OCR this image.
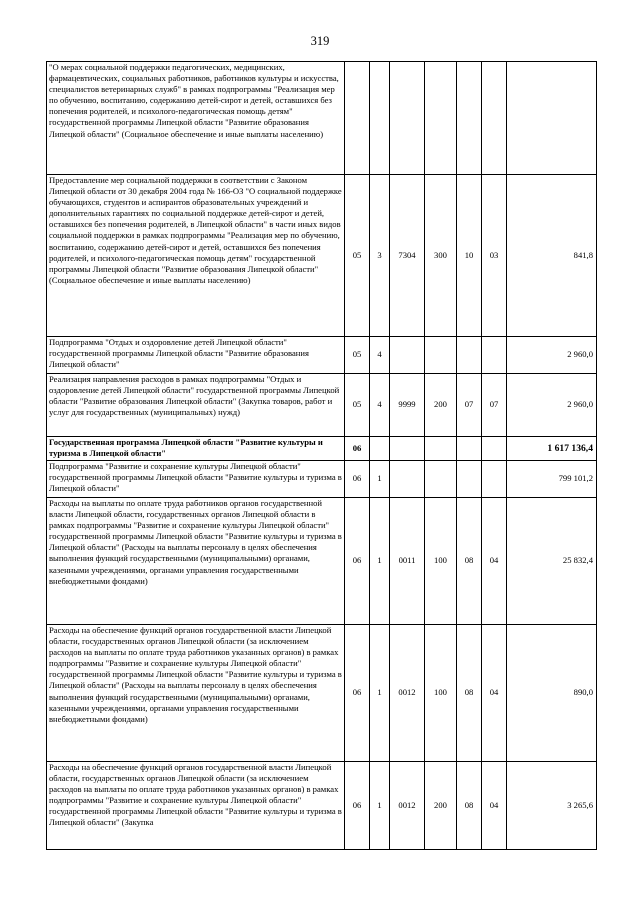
319
"О мерах социальной поддержки педагогических, медицинских, фармацевтических, социальных работников, работников культуры и искусства, специалистов ветеринарных служб" в рамках подпрограммы "Реализация мер по обучению, воспитанию, содержанию детей-сирот и детей, оставшихся без попечения родителей, и психолого-педагогическая помощь детям" государственной программы Липецкой области "Развитие образования Липецкой области" (Социальное обеспечение и иные выплаты населению)							
Предоставление мер социальной поддержки в соответствии с Законом Липецкой области от 30 декабря 2004 года № 166-ОЗ "О социальной поддержке обучающихся, студентов и аспирантов образовательных учреждений и дополнительных гарантиях по социальной поддержке детей-сирот и детей, оставшихся без попечения родителей, в Липецкой области" в части иных видов социальной поддержки в рамках подпрограммы "Реализация мер по обучению, воспитанию, содержанию детей-сирот и детей, оставшихся без попечения родителей, и психолого-педагогическая помощь детям" государственной программы Липецкой области "Развитие образования Липецкой области" (Социальное обеспечение и иные выплаты населению)	05	3	7304	300	10	03	841,8
Подпрограмма "Отдых и оздоровление детей Липецкой области" государственной программы Липецкой области "Развитие образования Липецкой области"	05	4					2 960,0
Реализация направления расходов в рамках подпрограммы "Отдых и оздоровление детей Липецкой области" государственной программы Липецкой области "Развитие образования Липецкой области" (Закупка товаров, работ и услуг для государственных (муниципальных) нужд)	05	4	9999	200	07	07	2 960,0
Государственная программа Липецкой области "Развитие культуры и туризма в Липецкой области"	06						1 617 136,4
Подпрограмма "Развитие и сохранение культуры Липецкой области" государственной программы Липецкой области "Развитие культуры и туризма в Липецкой области"	06	1					799 101,2
Расходы на выплаты по оплате труда работников органов государственной власти Липецкой области, государственных органов Липецкой области в рамках подпрограммы "Развитие и сохранение культуры Липецкой области" государственной программы Липецкой области "Развитие культуры и туризма в Липецкой области" (Расходы на выплаты персоналу в целях обеспечения выполнения функций государственными (муниципальными) органами, казенными учреждениями, органами управления государственными внебюджетными фондами)	06	1	0011	100	08	04	25 832,4
Расходы на обеспечение функций органов государственной власти Липецкой области, государственных органов Липецкой области (за исключением расходов на выплаты по оплате труда работников указанных органов) в рамках подпрограммы "Развитие и сохранение культуры Липецкой области" государственной программы Липецкой области "Развитие культуры и туризма в Липецкой области" (Расходы на выплаты персоналу в целях обеспечения выполнения функций государственными (муниципальными) органами, казенными учреждениями, органами управления государственными внебюджетными фондами)	06	1	0012	100	08	04	890,0
Расходы на обеспечение функций органов государственной власти Липецкой области, государственных органов Липецкой области (за исключением расходов на выплаты по оплате труда работников указанных органов) в рамках подпрограммы "Развитие и сохранение культуры Липецкой области" государственной программы Липецкой области "Развитие культуры и туризма в Липецкой области" (Закупка	06	1	0012	200	08	04	3 265,6
